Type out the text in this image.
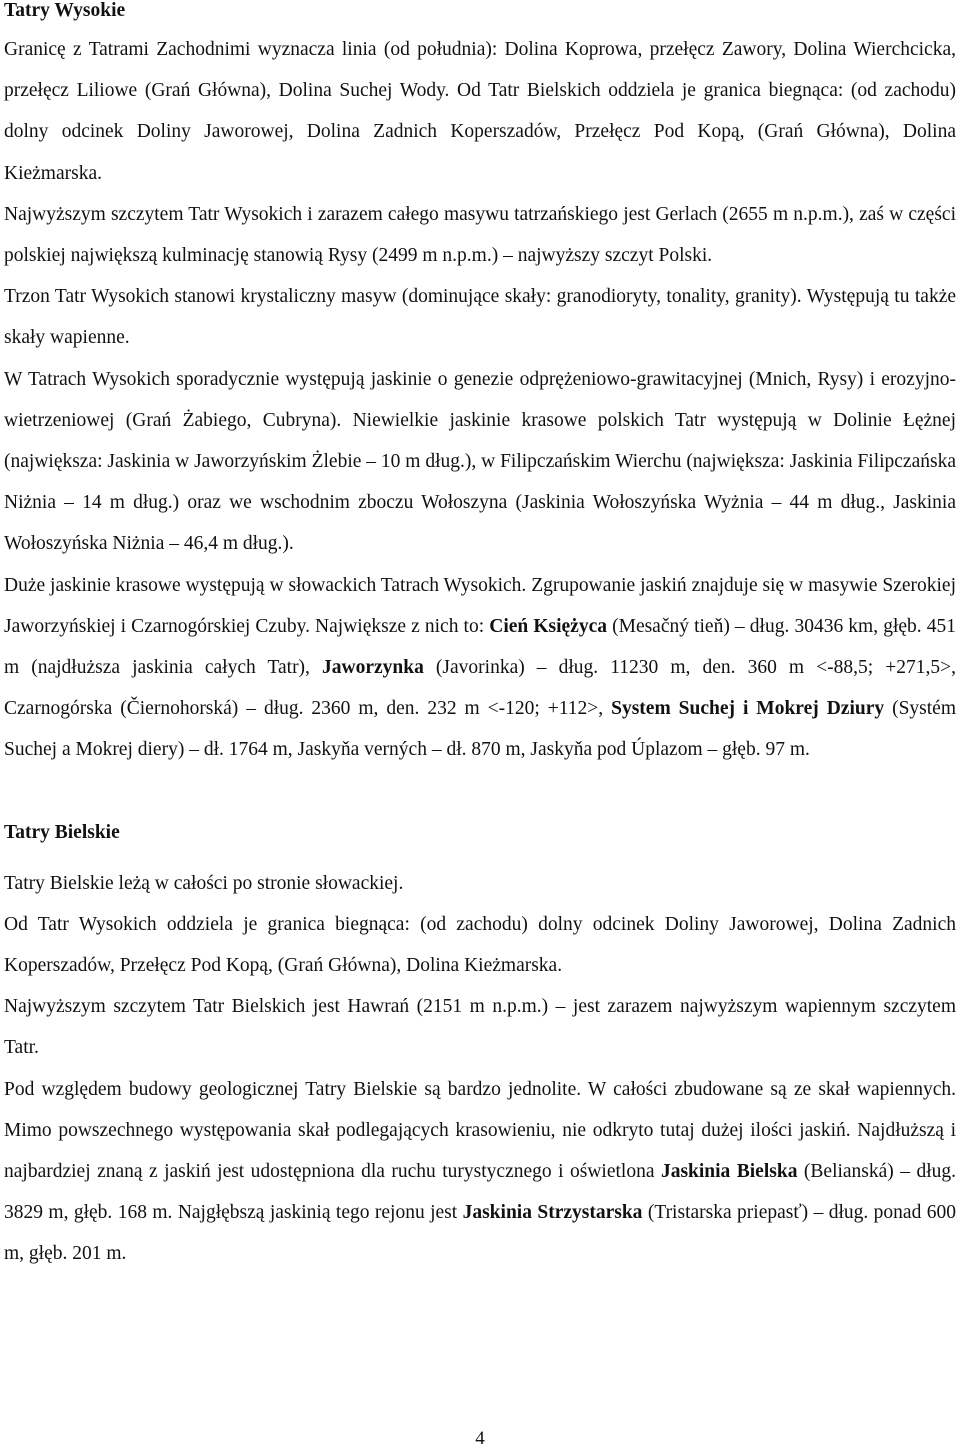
Tatry Wysokie

Granicę z Tatrami Zachodnimi wyznacza linia (od południa): Dolina Koprowa, przełęcz Zawory, Dolina Wierchcicka, przełęcz Liliowe (Grań Główna), Dolina Suchej Wody. Od Tatr Bielskich oddziela je granica biegnąca: (od zachodu) dolny odcinek Doliny Jaworowej, Dolina Zadnich Koperszadów, Przełęcz Pod Kopą, (Grań Główna), Dolina Kieżmarska.

Najwyższym szczytem Tatr Wysokich i zarazem całego masywu tatrzańskiego jest Gerlach (2655 m n.p.m.), zaś w części polskiej największą kulminację stanowią Rysy (2499 m n.p.m.) – najwyższy szczyt Polski.

Trzon Tatr Wysokich stanowi krystaliczny masyw (dominujące skały: granodioryty, tonality, granity). Występują tu także skały wapienne.

W Tatrach Wysokich sporadycznie występują jaskinie o genezie odprężeniowo-grawitacyjnej (Mnich, Rysy) i erozyjno-wietrzeniowej (Grań Żabiego, Cubryna). Niewielkie jaskinie krasowe polskich Tatr występują w Dolinie Łężnej (największa: Jaskinia w Jaworzyńskim Żlebie – 10 m dług.), w Filipczańskim Wierchu (największa: Jaskinia Filipczańska Niżnia – 14 m dług.) oraz we wschodnim zboczu Wołoszyna (Jaskinia Wołoszyńska Wyżnia – 44 m dług., Jaskinia Wołoszyńska Niżnia – 46,4 m dług.).

Duże jaskinie krasowe występują w słowackich Tatrach Wysokich. Zgrupowanie jaskiń znajduje się w masywie Szerokiej Jaworzyńskiej i Czarnogórskiej Czuby. Największe z nich to: Cień Księżyca (Mesačný tieň) – dług. 30436 km, głęb. 451 m (najdłuższa jaskinia całych Tatr), Jaworzynka (Javorinka) – dług. 11230 m, den. 360 m <-88,5; +271,5>, Czarnogórska (Čiernohorská) – dług. 2360 m, den. 232 m <-120; +112>, System Suchej i Mokrej Dziury (Systém Suchej a Mokrej diery) – dł. 1764 m, Jaskyňa verných – dł. 870 m, Jaskyňa pod Úplazom – głęb. 97 m.

Tatry Bielskie

Tatry Bielskie leżą w całości po stronie słowackiej.

Od Tatr Wysokich oddziela je granica biegnąca: (od zachodu) dolny odcinek Doliny Jaworowej, Dolina Zadnich Koperszadów, Przełęcz Pod Kopą, (Grań Główna), Dolina Kieżmarska.

Najwyższym szczytem Tatr Bielskich jest Hawrań (2151 m n.p.m.) – jest zarazem najwyższym wapiennym szczytem Tatr.

Pod względem budowy geologicznej Tatry Bielskie są bardzo jednolite. W całości zbudowane są ze skał wapiennych. Mimo powszechnego występowania skał podlegających krasowieniu, nie odkryto tutaj dużej ilości jaskiń. Najdłuższą i najbardziej znaną z jaskiń jest udostępniona dla ruchu turystycznego i oświetlona Jaskinia Bielska (Belianská) – dług. 3829 m, głęb. 168 m. Najgłębszą jaskinią tego rejonu jest Jaskinia Strzystarska (Tristarska priepasť) – dług. ponad 600 m, głęb. 201 m.

4
